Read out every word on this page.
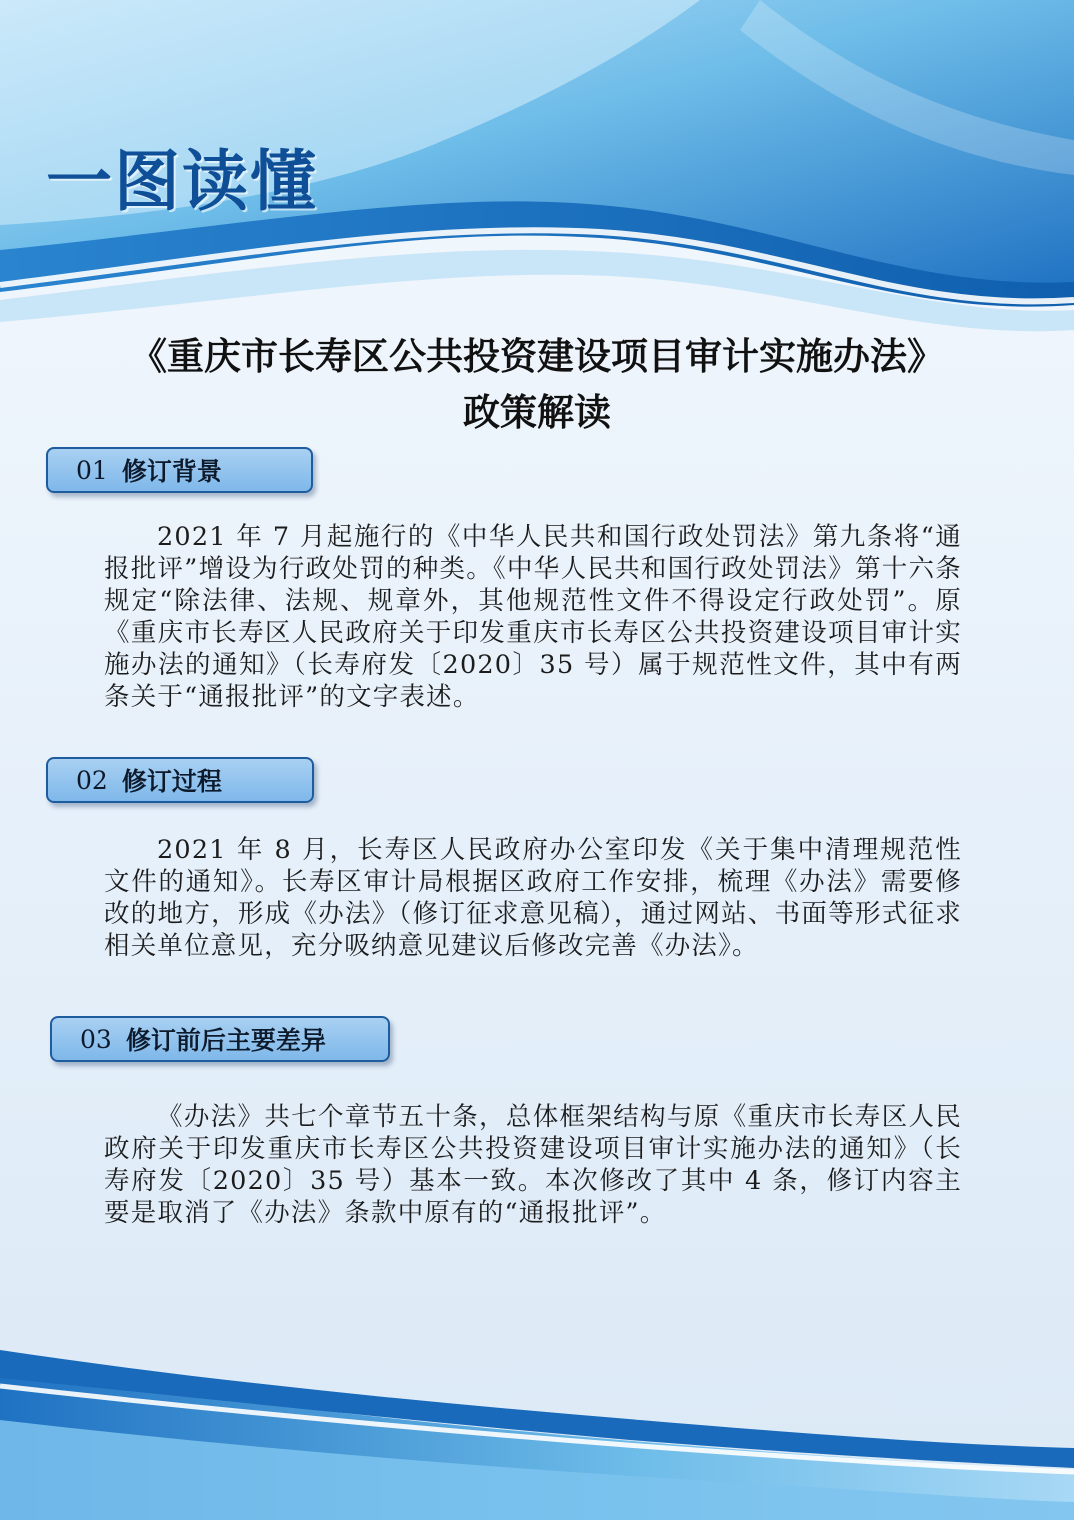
一图读懂
《重庆市长寿区公共投资建设项目审计实施办法》
政策解读
01 修订背景

2021 年 7 月起施行的《中华人民共和国行政处罚法》第九条将“通报批评”增设为行政处罚的种类。《中华人民共和国行政处罚法》第十六条规定“除法律、法规、规章外，其他规范性文件不得设定行政处罚”。原《重庆市长寿区人民政府关于印发重庆市长寿区公共投资建设项目审计实施办法的通知》（长寿府发〔2020〕35 号）属于规范性文件，其中有两条关于“通报批评”的文字表述。

02 修订过程

2021 年 8 月，长寿区人民政府办公室印发《关于集中清理规范性文件的通知》。长寿区审计局根据区政府工作安排，梳理《办法》需要修改的地方，形成《办法》（修订征求意见稿），通过网站、书面等形式征求相关单位意见，充分吸纳意见建议后修改完善《办法》。

03 修订前后主要差异

《办法》共七个章节五十条，总体框架结构与原《重庆市长寿区人民政府关于印发重庆市长寿区公共投资建设项目审计实施办法的通知》（长寿府发〔2020〕35 号）基本一致。本次修改了其中 4 条，修订内容主要是取消了《办法》条款中原有的“通报批评”。
